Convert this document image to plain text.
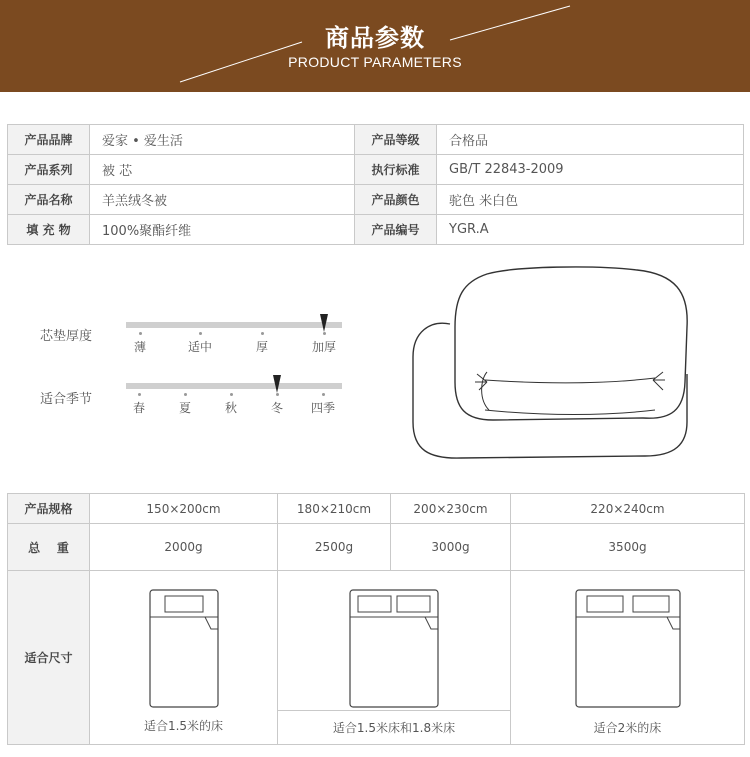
商品参数
PRODUCT PARAMETERS
产品品牌	爱家 • 爱生活	产品等级	合格品
产品系列	被 芯	执行标准	GB/T 22843-2009
产品名称	羊羔绒冬被	产品颜色	驼色 米白色
填 充 物	100%聚酯纤维	产品编号	YGR.A
芯垫厚度
薄	适中	厚	加厚
适合季节
春	夏	秋	冬	四季
产品规格	150×200cm	180×210cm	200×230cm	220×240cm
总    重	2000g	2500g	3000g	3500g
适合尺寸	适合1.5米的床	适合1.5米床和1.8米床		适合2米的床
